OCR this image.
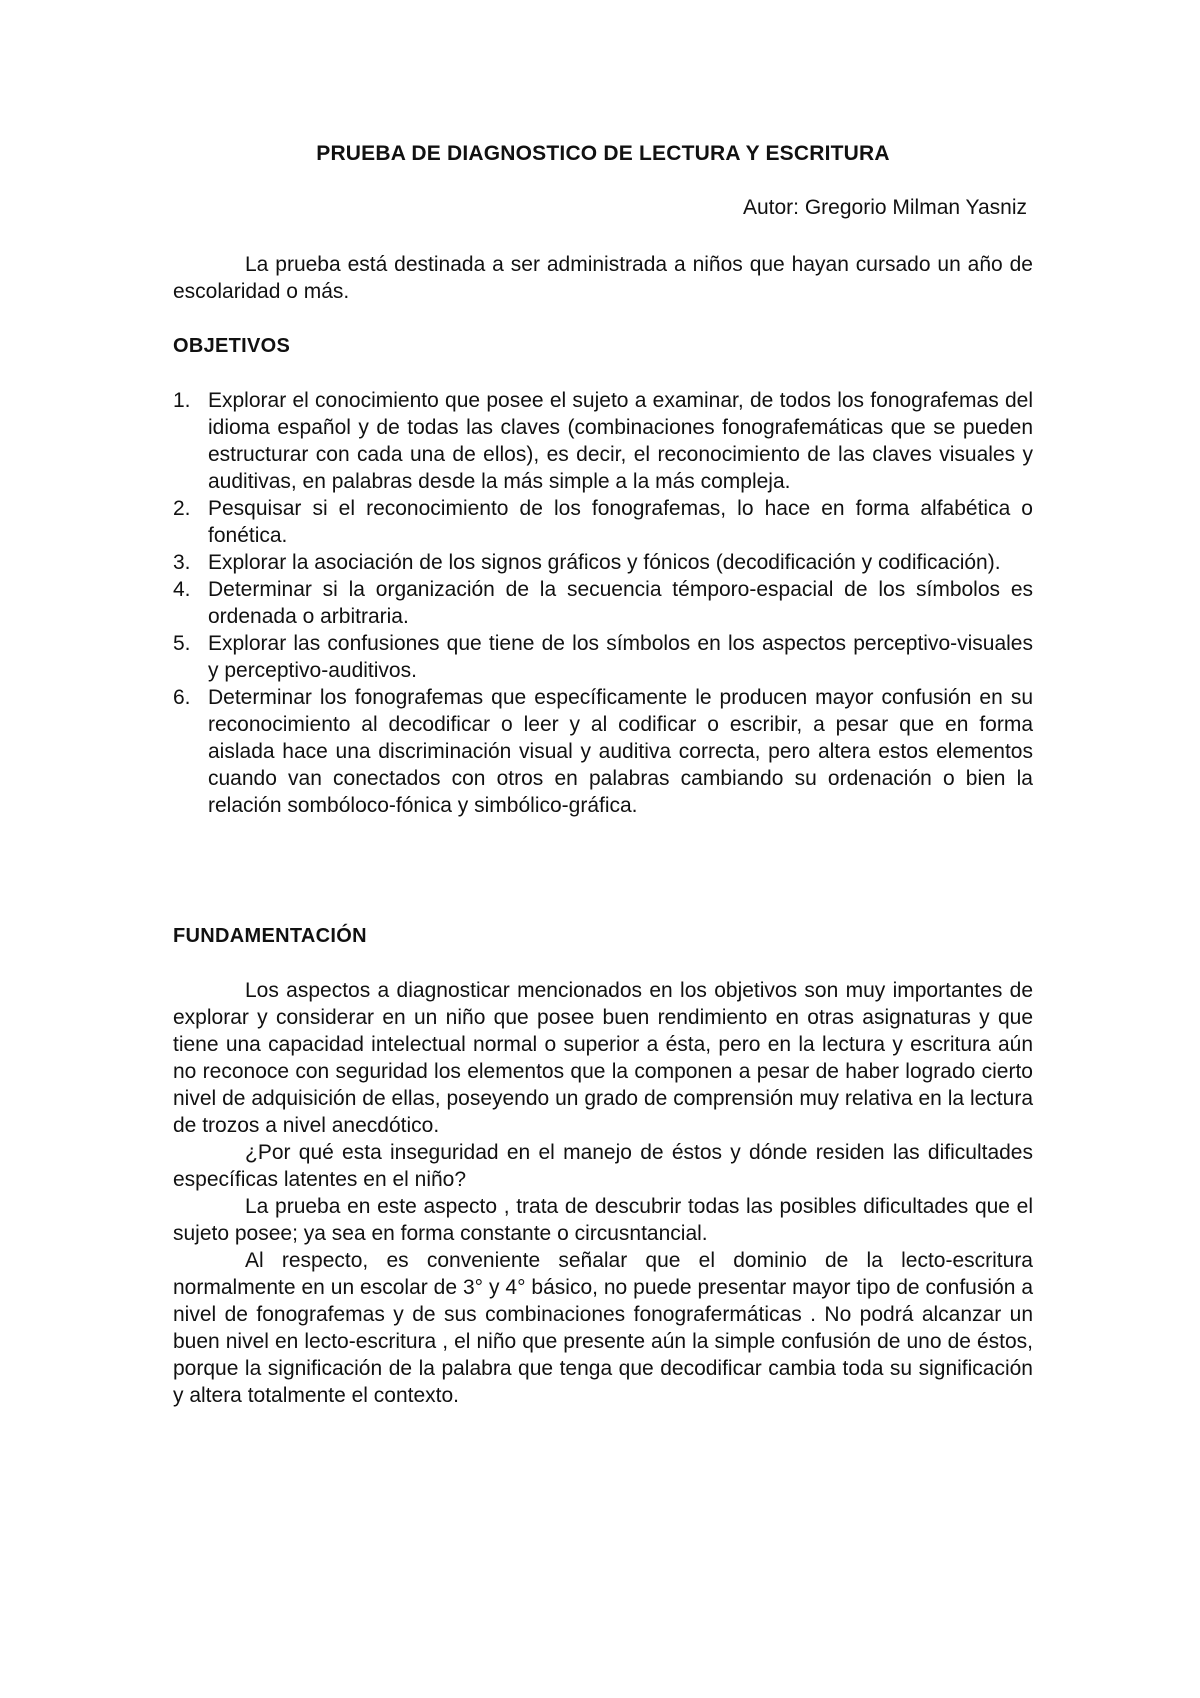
PRUEBA DE DIAGNOSTICO DE LECTURA Y ESCRITURA
Autor: Gregorio Milman Yasniz

La prueba está destinada a ser administrada a niños que hayan cursado un año de escolaridad o más.

OBJETIVOS
1. Explorar el conocimiento que posee el sujeto a examinar, de todos los fonografemas del idioma español y de todas las claves (combinaciones fonografemáticas que se pueden estructurar con cada una de ellos), es decir, el reconocimiento de las claves visuales y auditivas, en palabras desde la más simple a la más compleja.
2. Pesquisar si el reconocimiento de los fonografemas, lo hace en forma alfabética o fonética.
3. Explorar la asociación de los signos gráficos y fónicos (decodificación y codificación).
4. Determinar si la organización de la secuencia témporo-espacial de los símbolos es ordenada o arbitraria.
5. Explorar las confusiones que tiene de los símbolos en los aspectos perceptivo-visuales y perceptivo-auditivos.
6. Determinar los fonografemas que específicamente le producen mayor confusión en su reconocimiento al decodificar o leer y al codificar o escribir, a pesar que en forma aislada hace una discriminación visual y auditiva correcta, pero altera estos elementos cuando van conectados con otros en palabras cambiando su ordenación o bien la relación sombóloco-fónica y simbólico-gráfica.
FUNDAMENTACIÓN

Los aspectos a diagnosticar mencionados en los objetivos son muy importantes de explorar y considerar en un niño que posee buen rendimiento en otras asignaturas y que tiene una capacidad intelectual normal o superior a ésta, pero en la lectura y escritura aún no reconoce con seguridad los elementos que la componen a pesar de haber logrado cierto nivel de adquisición de ellas, poseyendo un grado de comprensión muy relativa en la lectura de trozos a nivel anecdótico.

¿Por qué esta inseguridad en el manejo de éstos y dónde residen las dificultades específicas latentes en el niño?

La prueba en este aspecto , trata de descubrir todas las posibles dificultades que el sujeto posee; ya sea en forma constante o circusntancial.

Al respecto, es conveniente señalar que el dominio de la lecto-escritura normalmente en un escolar de 3° y 4° básico, no puede presentar mayor tipo de confusión a nivel de fonografemas y de sus combinaciones fonografermáticas . No podrá alcanzar un buen nivel en lecto-escritura , el niño que presente aún la simple confusión de uno de éstos, porque la significación de la palabra que tenga que decodificar cambia toda su significación y altera totalmente el contexto.
